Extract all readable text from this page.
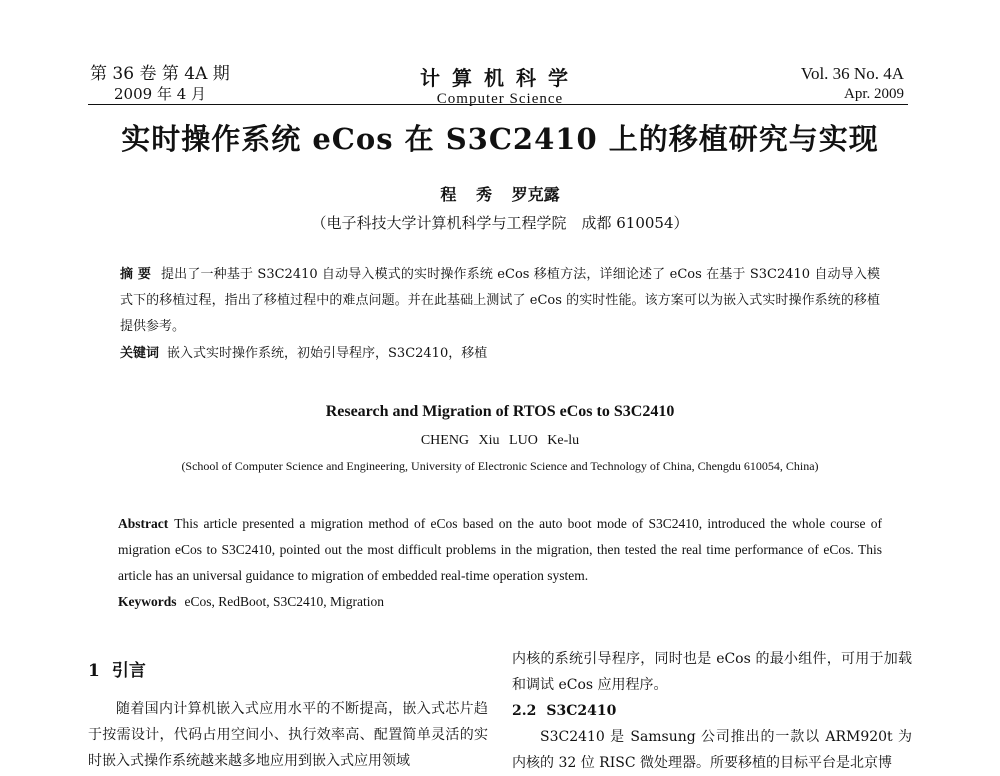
第 36 卷 第 4A 期
2009 年 4 月
计算机科学
Computer Science
Vol. 36 No. 4A
Apr. 2009
实时操作系统 eCos 在 S3C2410 上的移植研究与实现
程 秀 罗克露
（电子科技大学计算机科学与工程学院　成都 610054）
摘 要 提出了一种基于 S3C2410 自动导入模式的实时操作系统 eCos 移植方法，详细论述了 eCos 在基于 S3C2410 自动导入模式下的移植过程，指出了移植过程中的难点问题。并在此基础上测试了 eCos 的实时性能。该方案可以为嵌入式实时操作系统的移植提供参考。
关键词 嵌入式实时操作系统，初始引导程序，S3C2410，移植
Research and Migration of RTOS eCos to S3C2410
CHENG Xiu LUO Ke-lu
(School of Computer Science and Engineering, University of Electronic Science and Technology of China, Chengdu 610054, China)
Abstract This article presented a migration method of eCos based on the auto boot mode of S3C2410, introduced the whole course of migration eCos to S3C2410, pointed out the most difficult problems in the migration, then tested the real time performance of eCos. This article has an universal guidance to migration of embedded real-time operation system.
Keywords eCos, RedBoot, S3C2410, Migration
1 引言

随着国内计算机嵌入式应用水平的不断提高，嵌入式芯片趋于按需设计，代码占用空间小、执行效率高、配置简单灵活的实时嵌入式操作系统越来越多地应用到嵌入式应用领域

内核的系统引导程序，同时也是 eCos 的最小组件，可用于加载和调试 eCos 应用程序。

2.2 S3C2410

S3C2410 是 Samsung 公司推出的一款以 ARM920t 为内核的 32 位 RISC 微处理器。所要移植的目标平台是北京博
